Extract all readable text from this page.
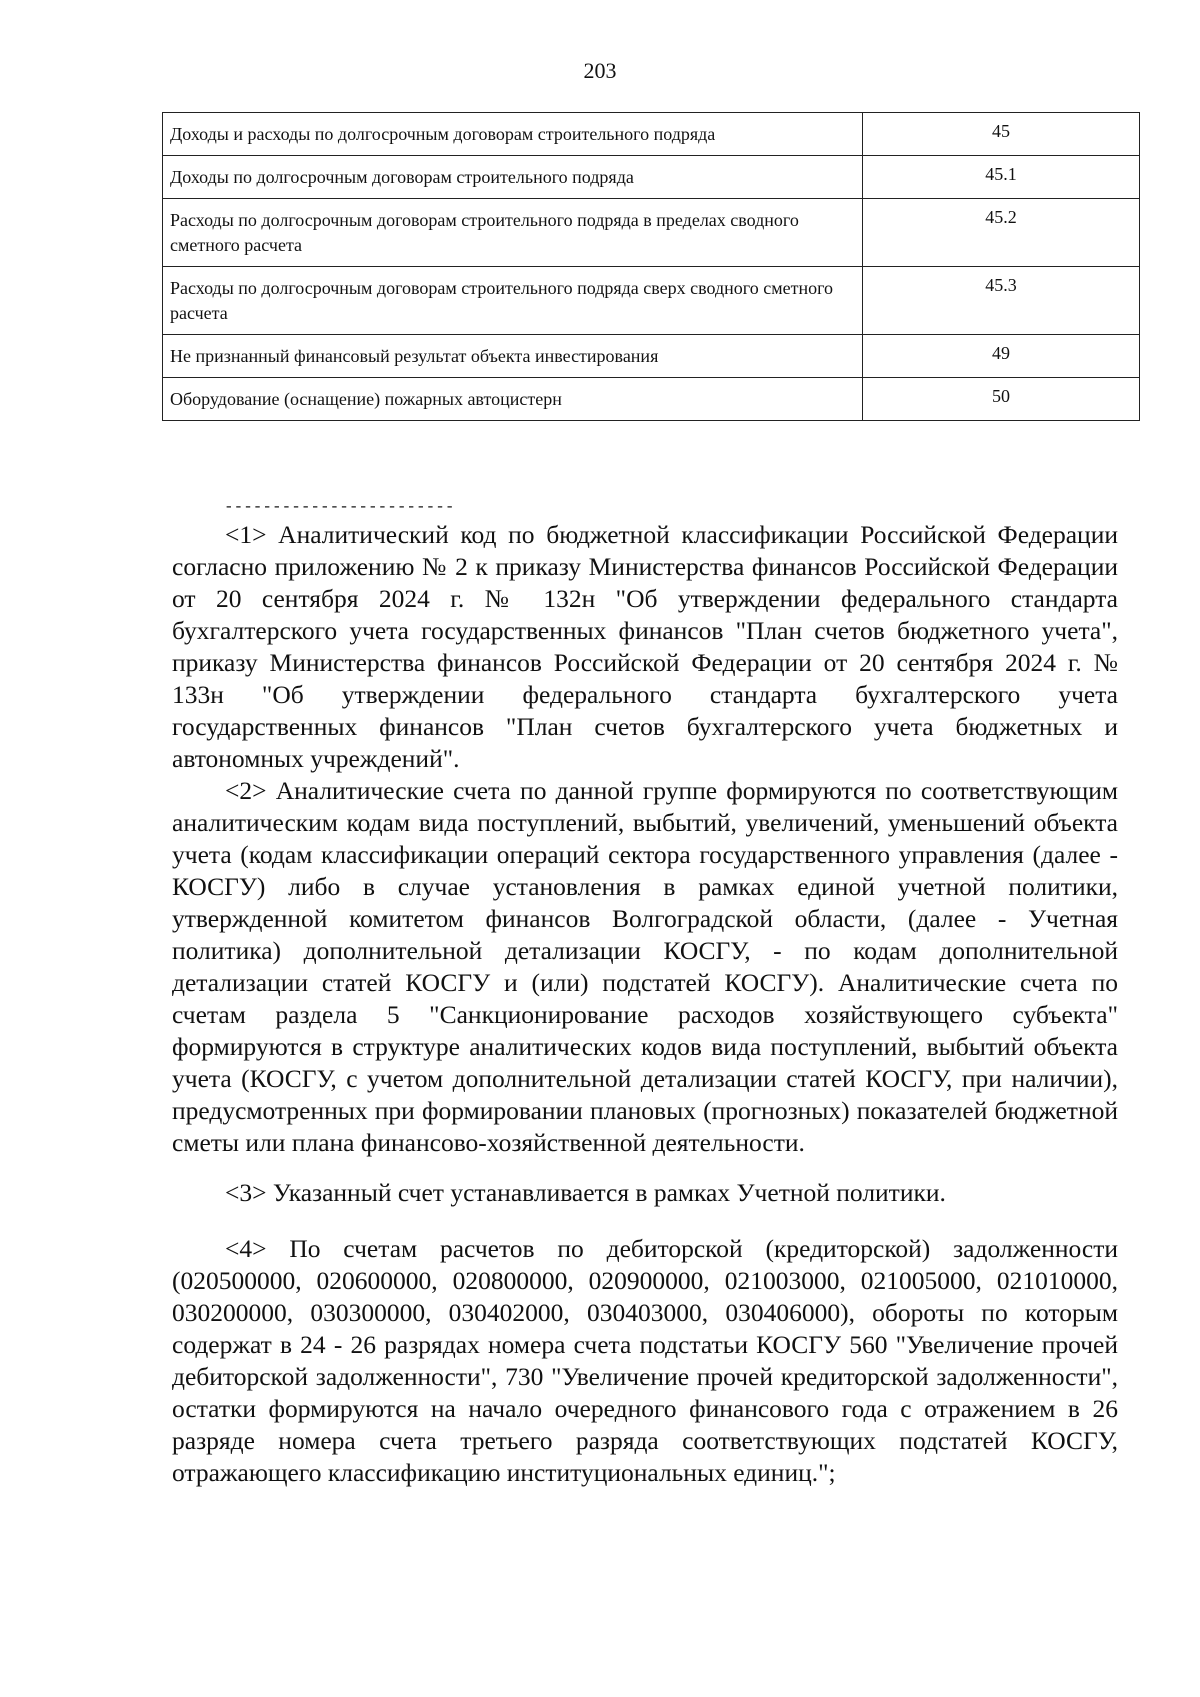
203
Доходы и расходы по долгосрочным договорам строительного подряда	45
Доходы по долгосрочным договорам строительного подряда	45.1
Расходы по долгосрочным договорам строительного подряда в пределах сводного сметного расчета	45.2
Расходы по долгосрочным договорам строительного подряда сверх сводного сметного расчета	45.3
Не признанный финансовый результат объекта инвестирования	49
Оборудование (оснащение) пожарных автоцистерн	50
------------------------

<1> Аналитический код по бюджетной классификации Российской Федерации согласно приложению № 2 к приказу Министерства финансов Российской Федерации от 20 сентября 2024 г. № 132н "Об утверждении федерального стандарта бухгалтерского учета государственных финансов "План счетов бюджетного учета", приказу Министерства финансов Российской Федерации от 20 сентября 2024 г. № 133н "Об утверждении федерального стандарта бухгалтерского учета государственных финансов "План счетов бухгалтерского учета бюджетных и автономных учреждений".

<2> Аналитические счета по данной группе формируются по соответствующим аналитическим кодам вида поступлений, выбытий, увеличений, уменьшений объекта учета (кодам классификации операций сектора государственного управления (далее - КОСГУ) либо в случае установления в рамках единой учетной политики, утвержденной комитетом финансов Волгоградской области, (далее - Учетная политика) дополнительной детализации КОСГУ, - по кодам дополнительной детализации статей КОСГУ и (или) подстатей КОСГУ). Аналитические счета по счетам раздела 5 "Санкционирование расходов хозяйствующего субъекта" формируются в структуре аналитических кодов вида поступлений, выбытий объекта учета (КОСГУ, с учетом дополнительной детализации статей КОСГУ, при наличии), предусмотренных при формировании плановых (прогнозных) показателей бюджетной сметы или плана финансово-хозяйственной деятельности.

<3> Указанный счет устанавливается в рамках Учетной политики.

<4> По счетам расчетов по дебиторской (кредиторской) задолженности (020500000, 020600000, 020800000, 020900000, 021003000, 021005000, 021010000, 030200000, 030300000, 030402000, 030403000, 030406000), обороты по которым содержат в 24 - 26 разрядах номера счета подстатьи КОСГУ 560 "Увеличение прочей дебиторской задолженности", 730 "Увеличение прочей кредиторской задолженности", остатки формируются на начало очередного финансового года с отражением в 26 разряде номера счета третьего разряда соответствующих подстатей КОСГУ, отражающего классификацию институциональных единиц.";
